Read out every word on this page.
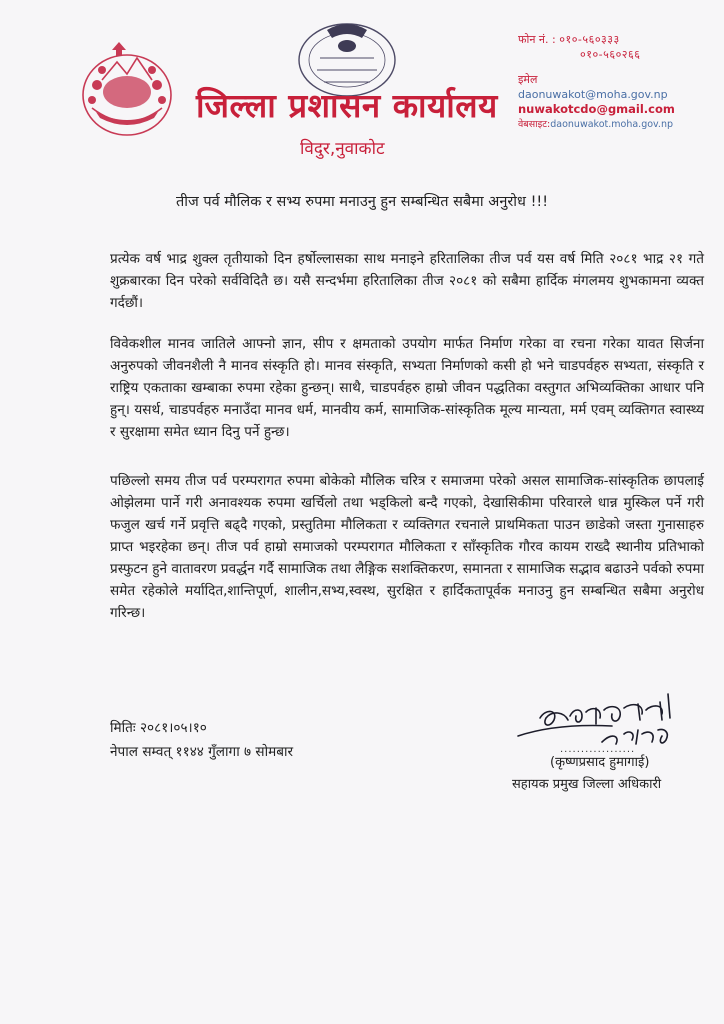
जिल्ला प्रशासन कार्यालय
विदुर,नुवाकोट
फोन नं. : ०१०-५६०३३३
०१०-५६०२६६
इमेल
daonuwakot@moha.gov.np
nuwakotcdo@gmail.com
वेबसाइट:daonuwakot.moha.gov.np
तीज पर्व मौलिक र सभ्य रुपमा मनाउनु हुन सम्बन्धित सबैमा अनुरोध !!!
प्रत्येक वर्ष भाद्र शुक्ल तृतीयाको दिन हर्षोल्लासका साथ मनाइने हरितालिका तीज पर्व यस वर्ष मिति २०८१ भाद्र २१ गते शुक्रबारका दिन परेको सर्वविदितै छ। यसै सन्दर्भमा हरितालिका तीज २०८१ को सबैमा हार्दिक मंगलमय शुभकामना व्यक्त गर्दछौं।
विवेकशील मानव जातिले आफ्नो ज्ञान, सीप र क्षमताको उपयोग मार्फत निर्माण गरेका वा रचना गरेका यावत सिर्जना अनुरुपको जीवनशैली नै मानव संस्कृति हो। मानव संस्कृति, सभ्यता निर्माणको कसी हो भने चाडपर्वहरु सभ्यता, संस्कृति र राष्ट्रिय एकताका खम्बाका रुपमा रहेका हुन्छन्। साथै, चाडपर्वहरु हाम्रो जीवन पद्धतिका वस्तुगत अभिव्यक्तिका आधार पनि हुन्। यसर्थ, चाडपर्वहरु मनाउँदा मानव धर्म, मानवीय कर्म, सामाजिक-सांस्कृतिक मूल्य मान्यता, मर्म एवम् व्यक्तिगत स्वास्थ्य र सुरक्षामा समेत ध्यान दिनु पर्ने हुन्छ।
पछिल्लो समय तीज पर्व परम्परागत रुपमा बोकेको मौलिक चरित्र र समाजमा परेको असल सामाजिक-सांस्कृतिक छापलाई ओझेलमा पार्ने गरी अनावश्यक रुपमा खर्चिलो तथा भड्किलो बन्दै गएको, देखासिकीमा परिवारले धान्न मुस्किल पर्ने गरी फजुल खर्च गर्ने प्रवृत्ति बढ्दै गएको, प्रस्तुतिमा मौलिकता र व्यक्तिगत रचनाले प्राथमिकता पाउन छाडेको जस्ता गुनासाहरु प्राप्त भइरहेका छन्। तीज पर्व हाम्रो समाजको परम्परागत मौलिकता र साँस्कृतिक गौरव कायम राख्दै स्थानीय प्रतिभाको प्रस्फुटन हुने वातावरण प्रवर्द्धन गर्दै सामाजिक तथा लैङ्गिक सशक्तिकरण, समानता र सामाजिक सद्भाव बढाउने पर्वको रुपमा समेत रहेकोले मर्यादित,शान्तिपूर्ण, शालीन,सभ्य,स्वस्थ, सुरक्षित र हार्दिकतापूर्वक मनाउनु हुन सम्बन्धित सबैमा अनुरोध गरिन्छ।
मितिः २०८१।०५।१०
नेपाल सम्वत् ११४४ गुँलागा ७ सोमबार	..................
(कृष्णप्रसाद हुमागाई)
सहायक प्रमुख जिल्ला अधिकारी
